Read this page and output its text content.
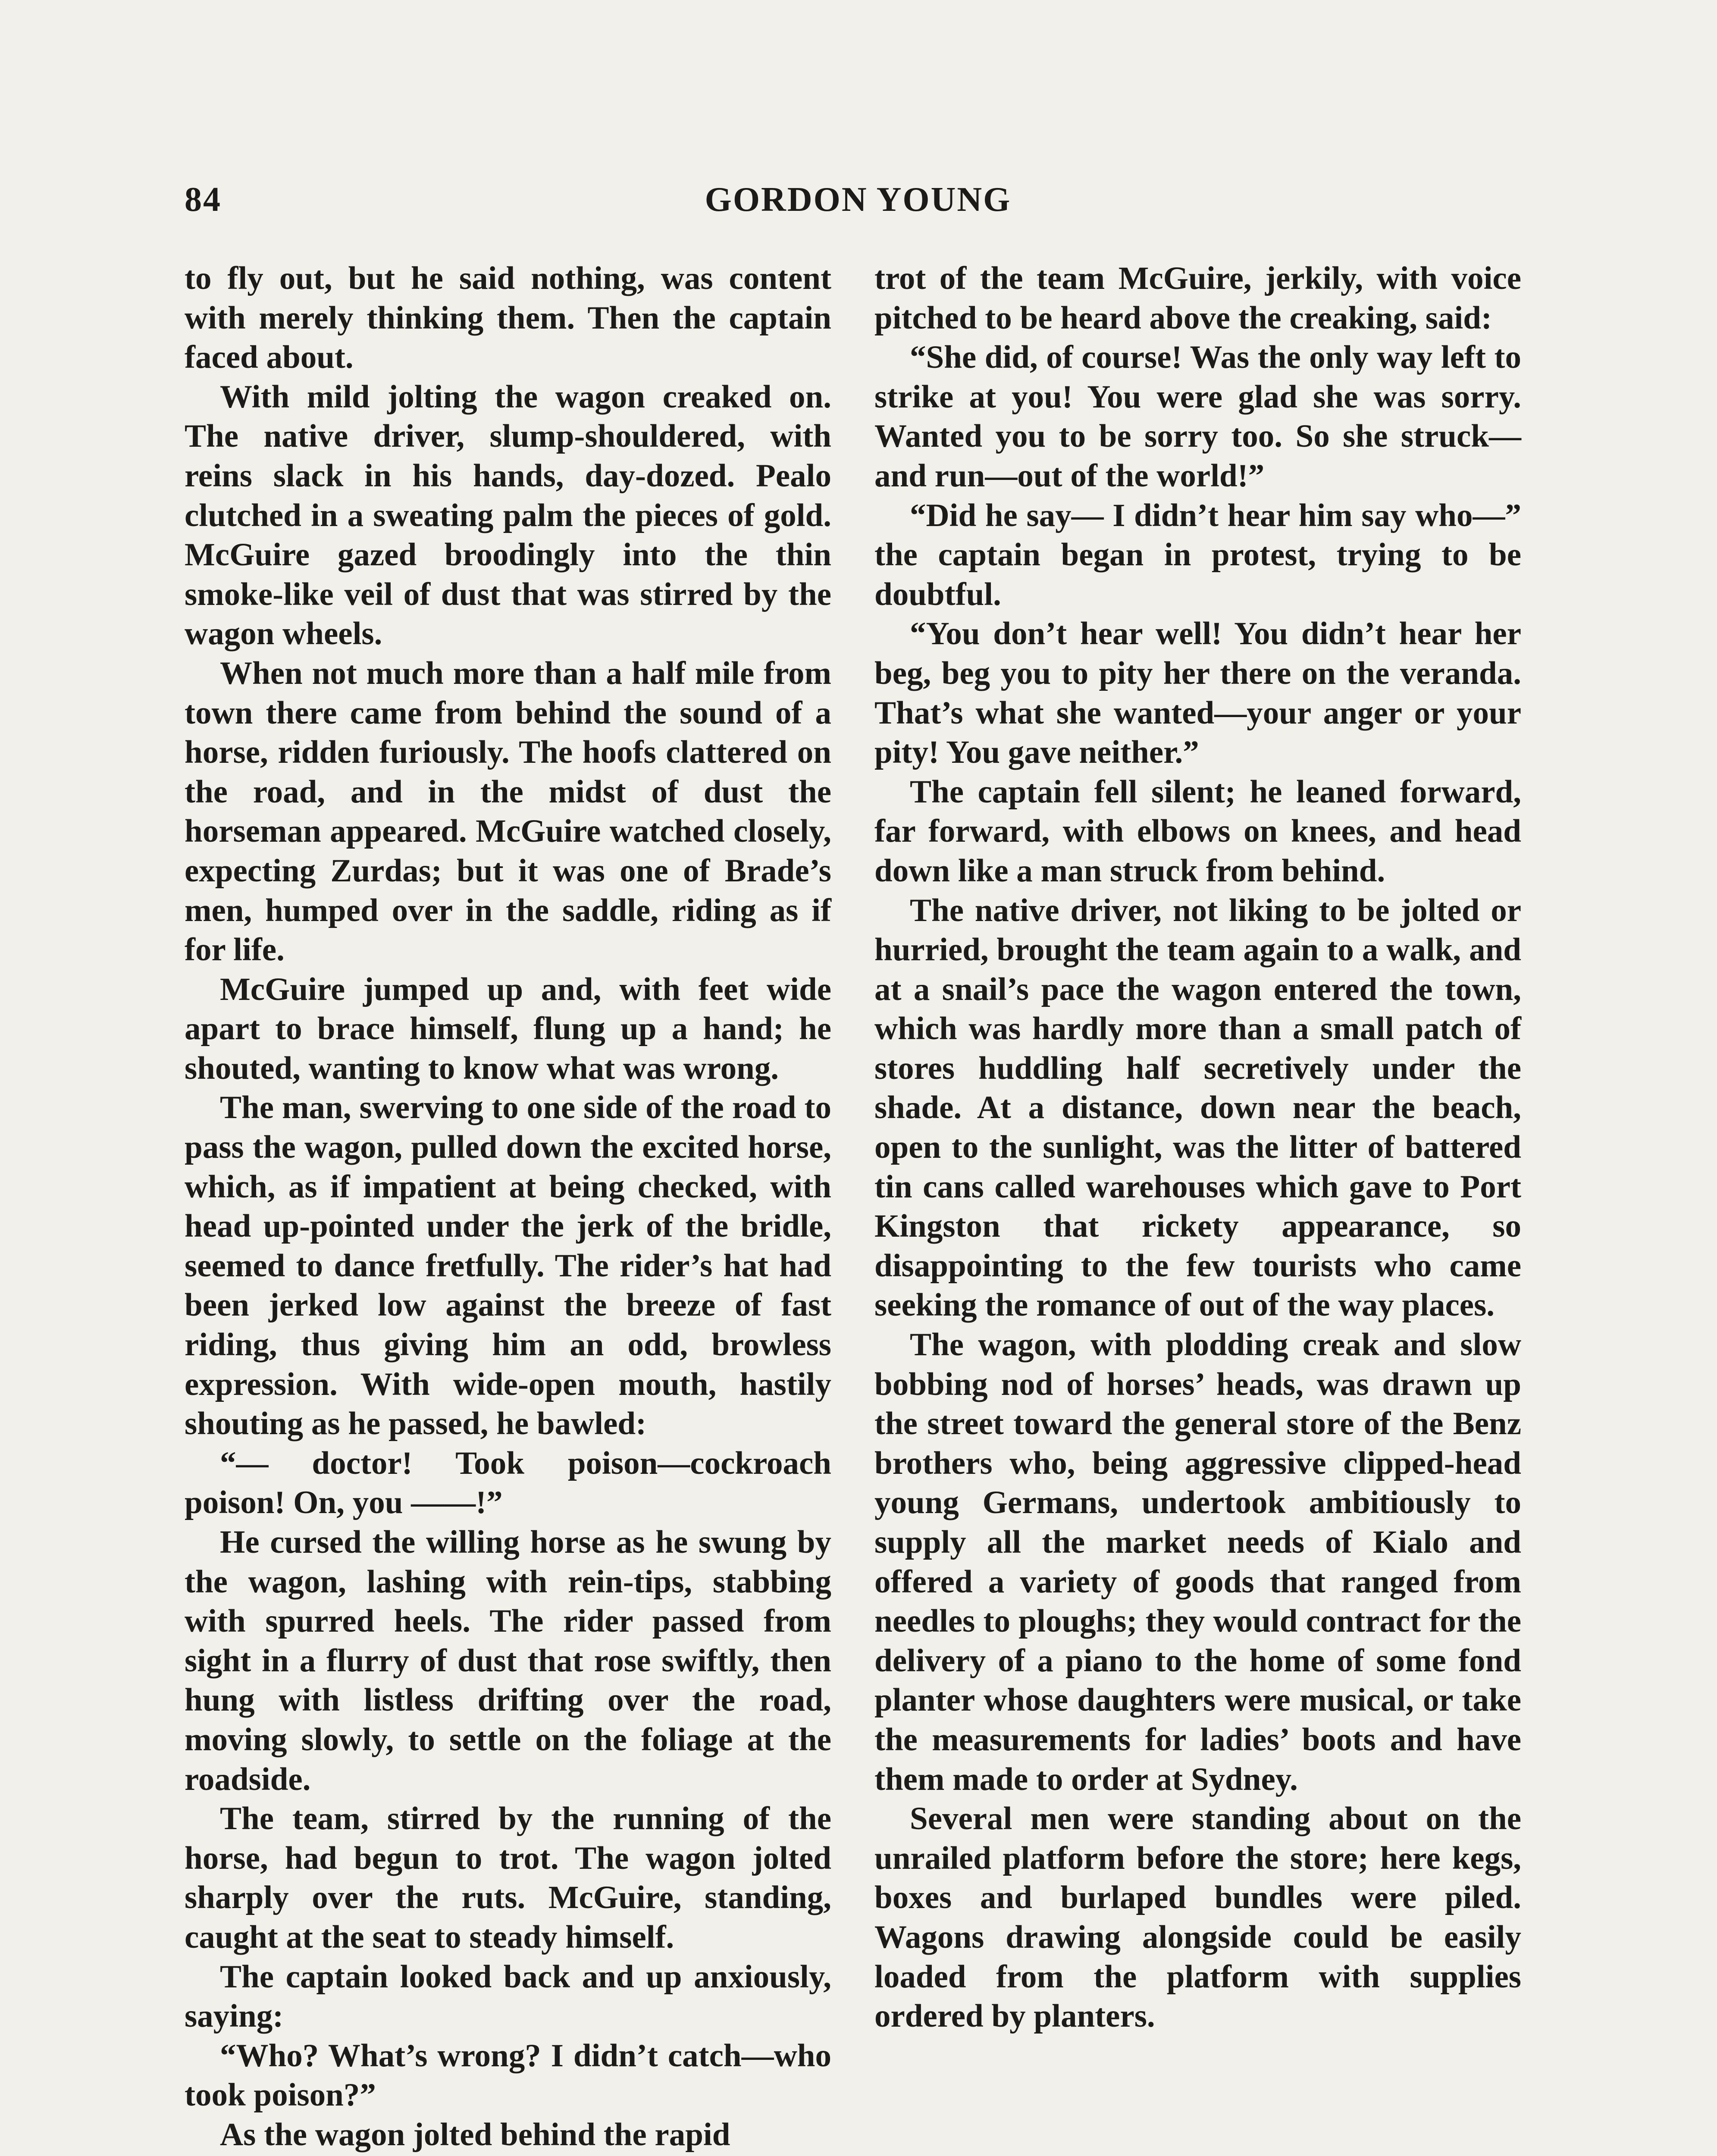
84	GORDON YOUNG

to fly out, but he said nothing, was content with merely thinking them. Then the captain faced about.

With mild jolting the wagon creaked on. The native driver, slump-shouldered, with reins slack in his hands, day-dozed. Pealo clutched in a sweating palm the pieces of gold. McGuire gazed broodingly into the thin smoke-like veil of dust that was stirred by the wagon wheels.

When not much more than a half mile from town there came from behind the sound of a horse, ridden furiously. The hoofs clattered on the road, and in the midst of dust the horseman appeared. McGuire watched closely, expecting Zurdas; but it was one of Brade’s men, humped over in the saddle, riding as if for life.

McGuire jumped up and, with feet wide apart to brace himself, flung up a hand; he shouted, wanting to know what was wrong.

The man, swerving to one side of the road to pass the wagon, pulled down the excited horse, which, as if impatient at being checked, with head up-pointed under the jerk of the bridle, seemed to dance fretfully. The rider’s hat had been jerked low against the breeze of fast riding, thus giving him an odd, browless expression. With wide-open mouth, hastily shouting as he passed, he bawled:

“— doctor! Took poison—cockroach poison! On, you ——!”

He cursed the willing horse as he swung by the wagon, lashing with rein-tips, stabbing with spurred heels. The rider passed from sight in a flurry of dust that rose swiftly, then hung with listless drifting over the road, moving slowly, to settle on the foliage at the roadside.

The team, stirred by the running of the horse, had begun to trot. The wagon jolted sharply over the ruts. McGuire, standing, caught at the seat to steady himself.

The captain looked back and up anxiously, saying:

“Who? What’s wrong? I didn’t catch—who took poison?”

As the wagon jolted behind the rapid

trot of the team McGuire, jerkily, with voice pitched to be heard above the creaking, said:

“She did, of course! Was the only way left to strike at you! You were glad she was sorry. Wanted you to be sorry too. So she struck—and run—out of the world!”

“Did he say— I didn’t hear him say who—” the captain began in protest, trying to be doubtful.

“You don’t hear well! You didn’t hear her beg, beg you to pity her there on the veranda. That’s what she wanted—your anger or your pity! You gave neither.”

The captain fell silent; he leaned forward, far forward, with elbows on knees, and head down like a man struck from behind.

The native driver, not liking to be jolted or hurried, brought the team again to a walk, and at a snail’s pace the wagon entered the town, which was hardly more than a small patch of stores huddling half secretively under the shade. At a distance, down near the beach, open to the sunlight, was the litter of battered tin cans called warehouses which gave to Port Kingston that rickety appearance, so disappointing to the few tourists who came seeking the romance of out of the way places.

The wagon, with plodding creak and slow bobbing nod of horses’ heads, was drawn up the street toward the general store of the Benz brothers who, being aggressive clipped-head young Germans, undertook ambitiously to supply all the market needs of Kialo and offered a variety of goods that ranged from needles to ploughs; they would contract for the delivery of a piano to the home of some fond planter whose daughters were musical, or take the measurements for ladies’ boots and have them made to order at Sydney.

Several men were standing about on the unrailed platform before the store; here kegs, boxes and burlaped bundles were piled. Wagons drawing alongside could be easily loaded from the platform with supplies ordered by planters.
